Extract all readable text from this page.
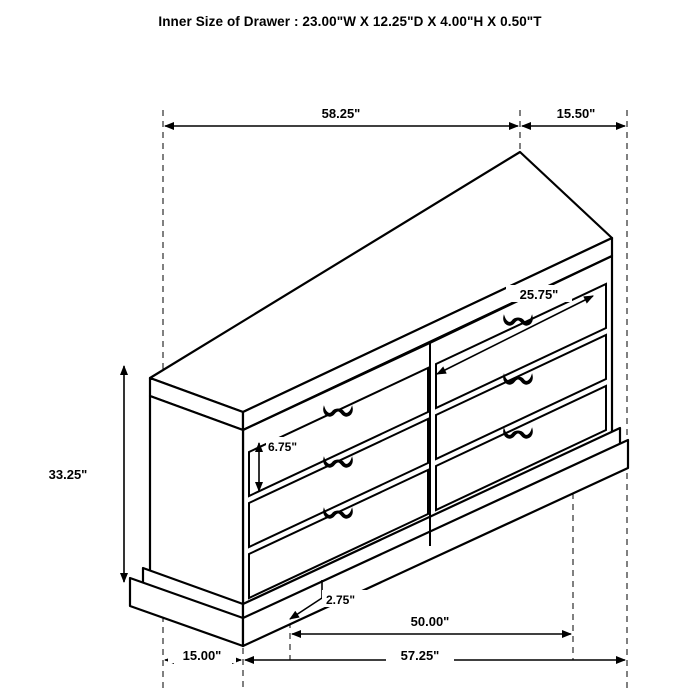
Inner Size of Drawer : 23.00"W X 12.25"D X 4.00"H X 0.50"T
58.25"	15.50"
25.75"
6.75"
33.25"
2.75"
15.00"
50.00"
57.25"
